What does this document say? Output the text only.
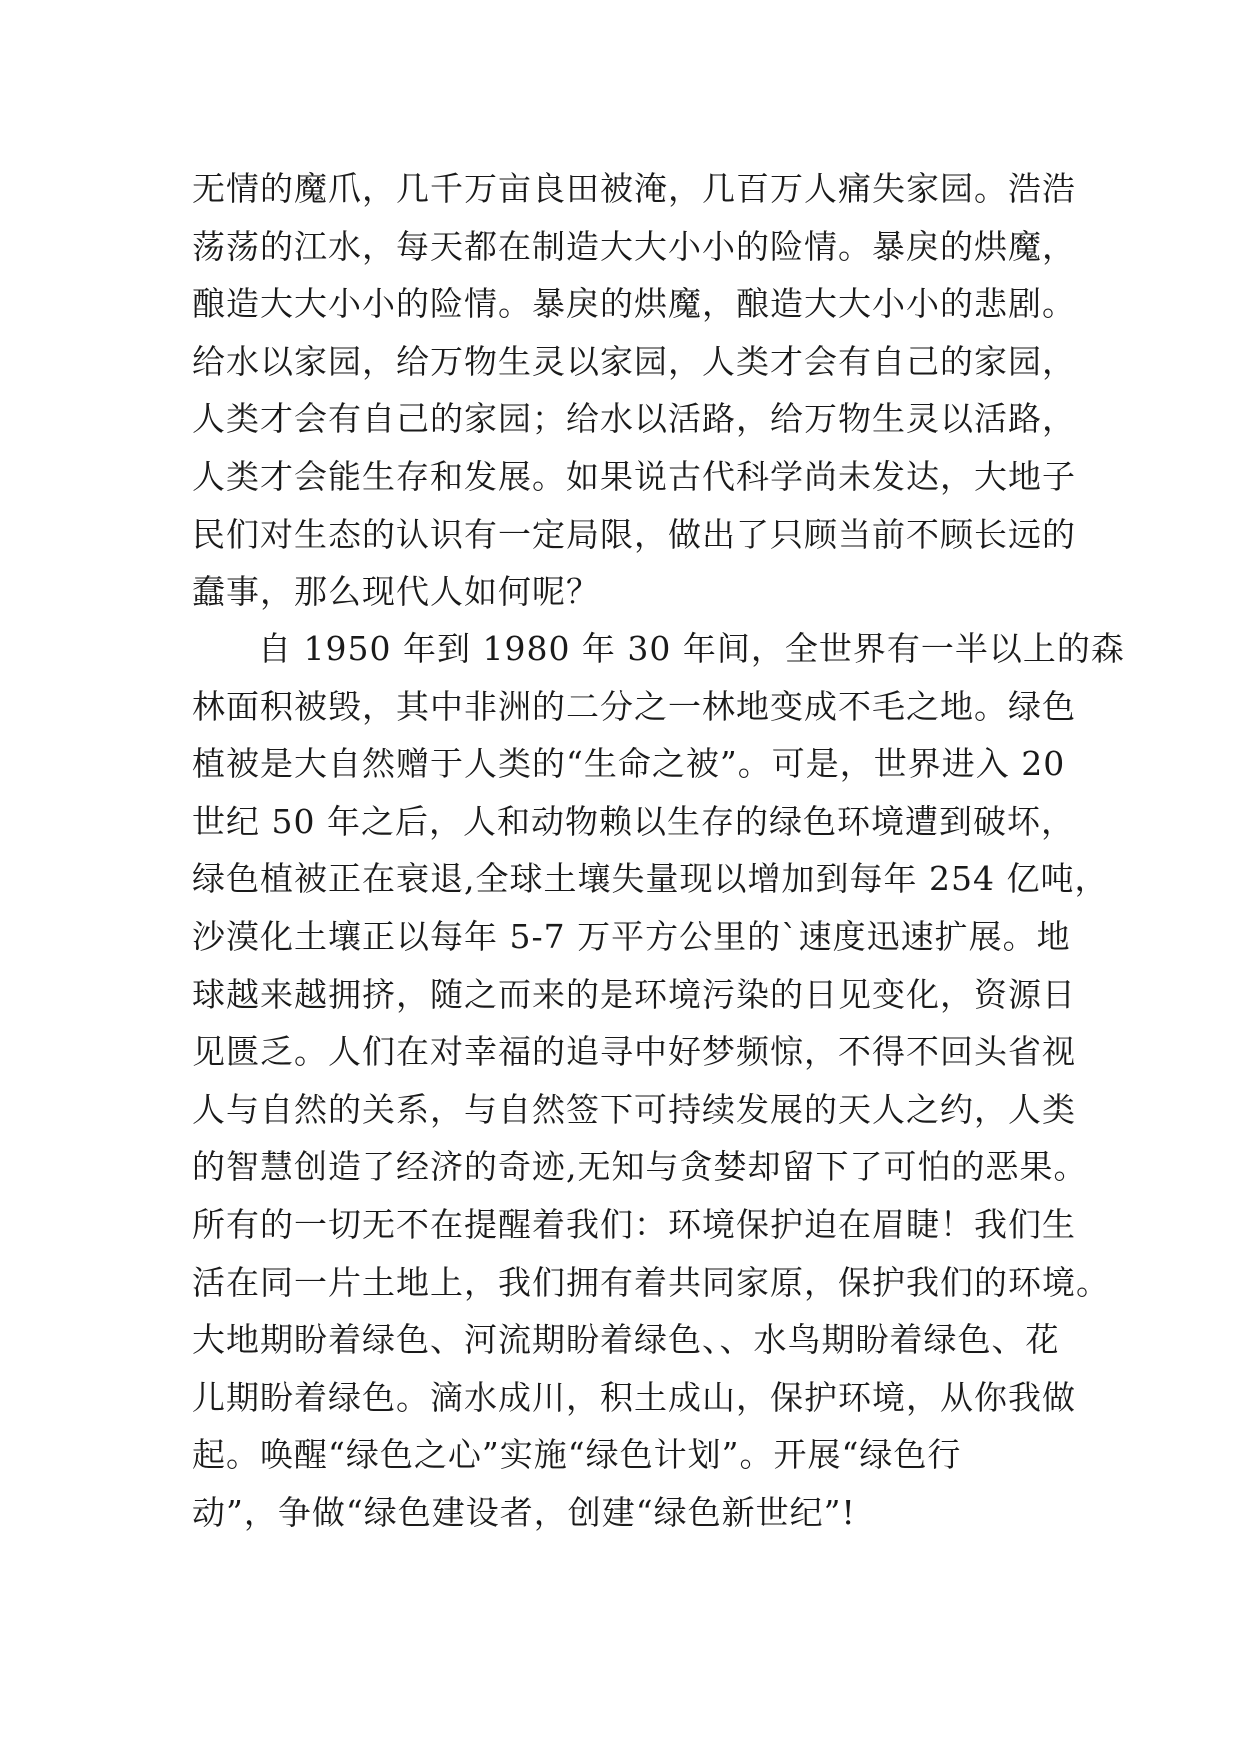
无情的魔爪，几千万亩良田被淹，几百万人痛失家园。浩浩
荡荡的江水，每天都在制造大大小小的险情。暴戾的烘魔，
酿造大大小小的险情。暴戾的烘魔，酿造大大小小的悲剧。
给水以家园，给万物生灵以家园，人类才会有自己的家园，
人类才会有自己的家园；给水以活路，给万物生灵以活路，
人类才会能生存和发展。如果说古代科学尚未发达，大地子
民们对生态的认识有一定局限，做出了只顾当前不顾长远的
蠢事，那么现代人如何呢？
自 1950 年到 1980 年 30 年间，全世界有一半以上的森
林面积被毁，其中非洲的二分之一林地变成不毛之地。绿色
植被是大自然赠于人类的“生命之被”。可是，世界进入 20
世纪 50 年之后，人和动物赖以生存的绿色环境遭到破坏，
绿色植被正在衰退,全球土壤失量现以增加到每年 254 亿吨，
沙漠化土壤正以每年 5-7 万平方公里的`速度迅速扩展。地
球越来越拥挤，随之而来的是环境污染的日见变化，资源日
见匮乏。人们在对幸福的追寻中好梦频惊，不得不回头省视
人与自然的关系，与自然签下可持续发展的天人之约，人类
的智慧创造了经济的奇迹,无知与贪婪却留下了可怕的恶果。
所有的一切无不在提醒着我们：环境保护迫在眉睫！我们生
活在同一片土地上，我们拥有着共同家原，保护我们的环境。
大地期盼着绿色、河流期盼着绿色、、水鸟期盼着绿色、花
儿期盼着绿色。滴水成川，积土成山，保护环境，从你我做
起。唤醒“绿色之心”实施“绿色计划”。开展“绿色行
动”，争做“绿色建设者，创建“绿色新世纪”!
